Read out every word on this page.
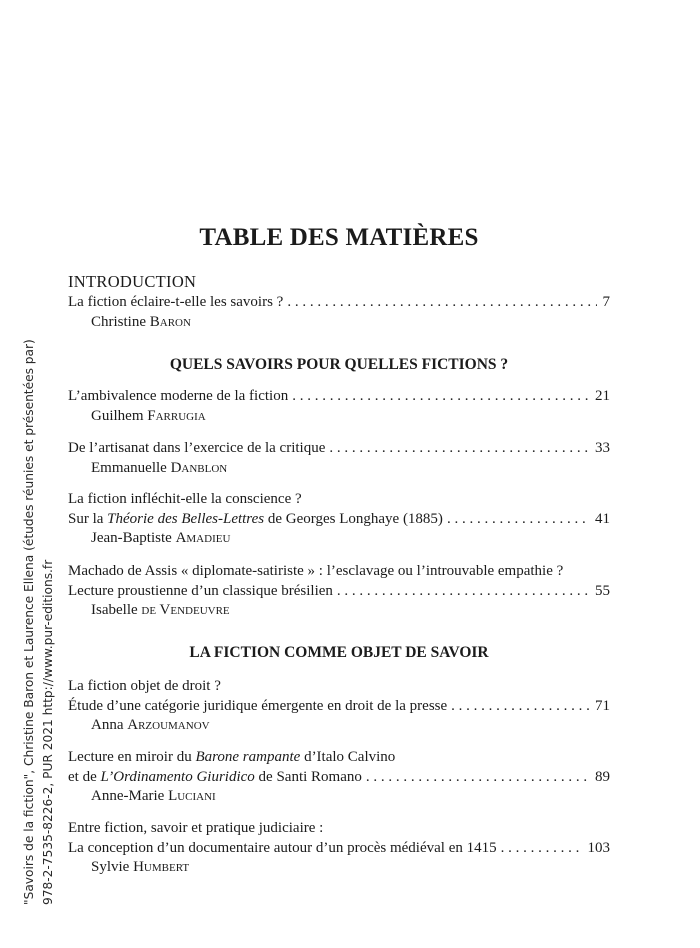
"Savoirs de la fiction", Christine Baron et Laurence Ellena (études réunies et présentées par) 978-2-7535-8226-2, PUR 2021 http://www.pur-editions.fr
TABLE DES MATIÈRES
INTRODUCTION
La fiction éclaire-t-elle les savoirs ? . . .	7
Christine Baron
QUELS SAVOIRS POUR QUELLES FICTIONS ?
L’ambivalence moderne de la fiction . . .	21
Guilhem Farrugia
De l’artisanat dans l’exercice de la critique . . .	33
Emmanuelle Danblon
La fiction infléchit-elle la conscience ?
Sur la Théorie des Belles-Lettres de Georges Longhaye (1885) . . .	41
Jean-Baptiste Amadieu
Machado de Assis « diplomate-satiriste » : l’esclavage ou l’introuvable empathie ?
Lecture proustienne d’un classique brésilien . . .	55
Isabelle de Vendeuvre
LA FICTION COMME OBJET DE SAVOIR
La fiction objet de droit ?
Étude d’une catégorie juridique émergente en droit de la presse . . .	71
Anna Arzoumanov
Lecture en miroir du Barone rampante d’Italo Calvino
et de L’Ordinamento Giuridico de Santi Romano . . .	89
Anne-Marie Luciani
Entre fiction, savoir et pratique judiciaire :
La conception d’un documentaire autour d’un procès médiéval en 1415 . . .	103
Sylvie Humbert
